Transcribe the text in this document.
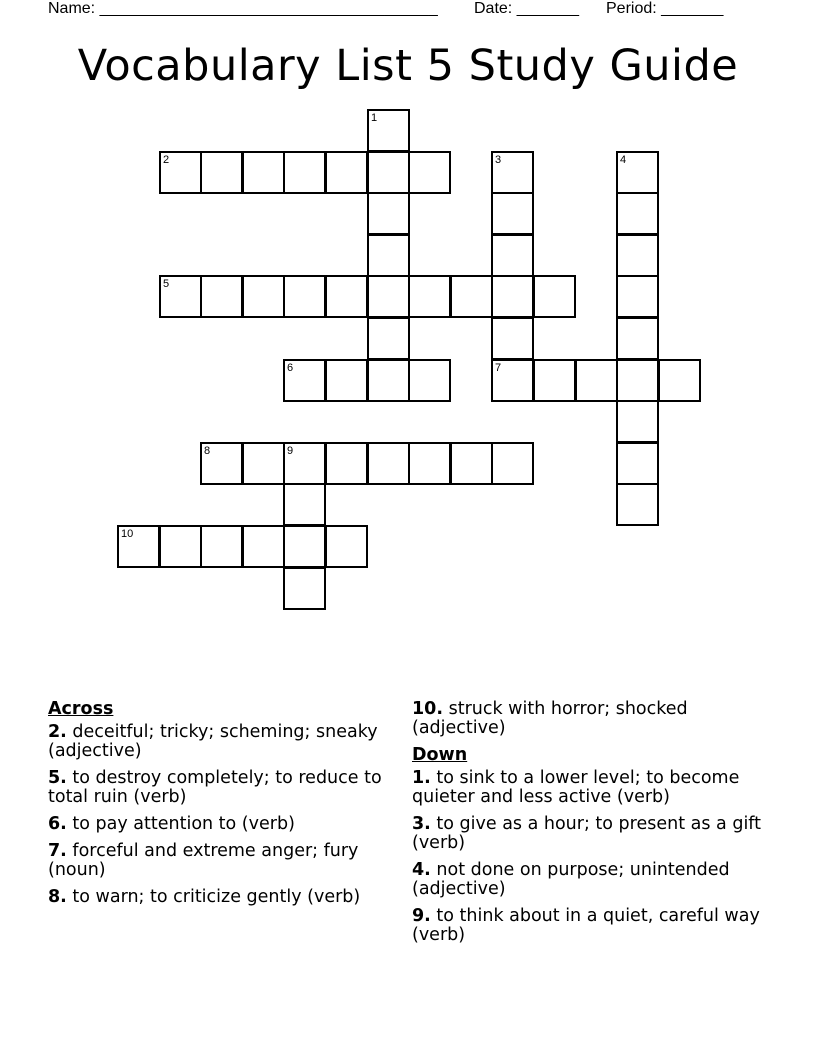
Name: ______________________________________ Date: _______ Period: _______
Vocabulary List 5 Study Guide
1
2	3
7
4
5
6
8	9
10
Across
2. deceitful; tricky; scheming; sneaky (adjective)
5. to destroy completely; to reduce to total ruin (verb)
6. to pay attention to (verb)
7. forceful and extreme anger; fury (noun)
8. to warn; to criticize gently (verb)
10. struck with horror; shocked (adjective)
Down
1. to sink to a lower level; to become quieter and less active (verb)
3. to give as a hour; to present as a gift (verb)
4. not done on purpose; unintended (adjective)
9. to think about in a quiet, careful way (verb)
